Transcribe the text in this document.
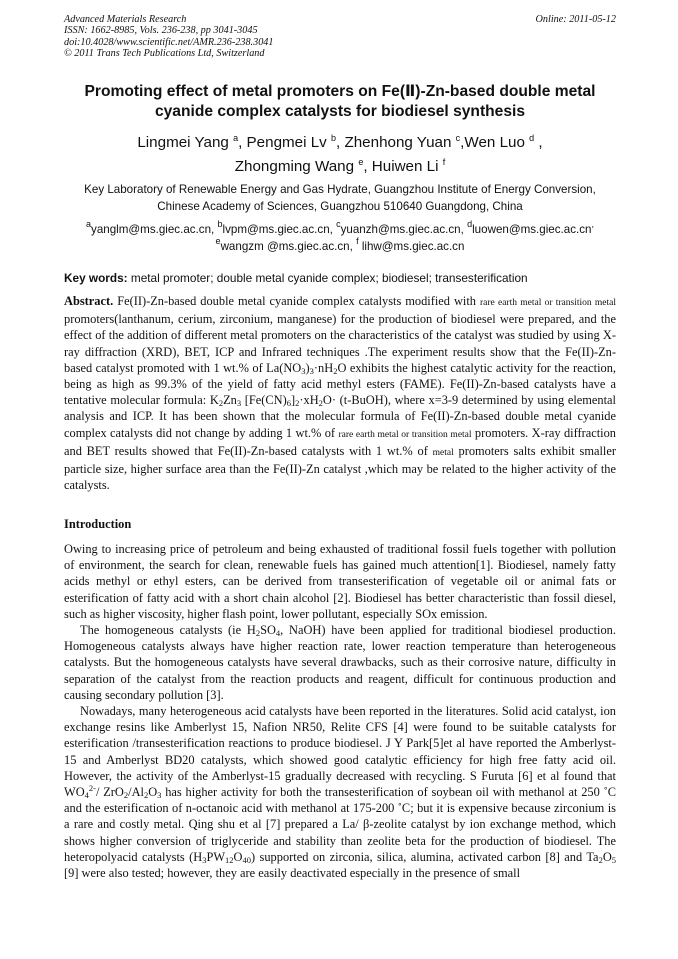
Advanced Materials Research
ISSN: 1662-8985, Vols. 236-238, pp 3041-3045
doi:10.4028/www.scientific.net/AMR.236-238.3041
© 2011 Trans Tech Publications Ltd, Switzerland
Online: 2011-05-12
Promoting effect of metal promoters on Fe(Ⅱ)-Zn-based double metal
cyanide complex catalysts for biodiesel synthesis
Lingmei Yang $^a$, Pengmei Lv $^b$, Zhenhong Yuan $^c$,Wen Luo $^d$ ,
Zhongming Wang $^e$, Huiwen Li $^f$
Key Laboratory of Renewable Energy and Gas Hydrate, Guangzhou Institute of Energy Conversion,
Chinese Academy of Sciences, Guangzhou 510640 Guangdong, China
$^a$yanglm@ms.giec.ac.cn, $^b$lvpm@ms.giec.ac.cn, $^c$yuanzh@ms.giec.ac.cn, $^d$luowen@ms.giec.ac.cn,
$^e$wangzm @ms.giec.ac.cn, $^f$ lihw@ms.giec.ac.cn
Key words: metal promoter; double metal cyanide complex; biodiesel; transesterification
Abstract. Fe(II)-Zn-based double metal cyanide complex catalysts modified with rare earth metal or transition metal promoters(lanthanum, cerium, zirconium, manganese) for the production of biodiesel were prepared, and the effect of the addition of different metal promoters on the characteristics of the catalyst was studied by using X-ray diffraction (XRD), BET, ICP and Infrared techniques .The experiment results show that the Fe(II)-Zn-based catalyst promoted with 1 wt.% of $La(NO_3)_3\cdot nH_2O$ exhibits the highest catalytic activity for the reaction, being as high as 99.3% of the yield of fatty acid methyl esters (FAME). Fe(II)-Zn-based catalysts have a tentative molecular formula: $K_2Zn_3$ $[Fe(CN)_6]_2\cdot xH_2O\cdot$ (t-BuOH), where x=3-9 determined by using elemental analysis and ICP. It has been shown that the molecular formula of Fe(II)-Zn-based double metal cyanide complex catalysts did not change by adding 1 wt.% of rare earth metal or transition metal promoters. X-ray diffraction and BET results showed that Fe(II)-Zn-based catalysts with 1 wt.% of metal promoters salts exhibit smaller particle size, higher surface area than the Fe(II)-Zn catalyst ,which may be related to the higher activity of the catalysts.
Introduction

Owing to increasing price of petroleum and being exhausted of traditional fossil fuels together with pollution of environment, the search for clean, renewable fuels has gained much attention[1]. Biodiesel, namely fatty acids methyl or ethyl esters, can be derived from transesterification of vegetable oil or animal fats or esterification of fatty acid with a short chain alcohol [2]. Biodiesel has better characteristic than fossil diesel, such as higher viscosity, higher flash point, lower pollutant, especially SOx emission.

The homogeneous catalysts (ie $H_2SO_4$, NaOH) have been applied for traditional biodiesel production. Homogeneous catalysts always have higher reaction rate, lower reaction temperature than heterogeneous catalysts. But the homogeneous catalysts have several drawbacks, such as their corrosive nature, difficulty in separation of the catalyst from the reaction products and reagent, difficult for continuous production and causing secondary pollution [3].

Nowadays, many heterogeneous acid catalysts have been reported in the literatures. Solid acid catalyst, ion exchange resins like Amberlyst 15, Nafion NR50, Relite CFS [4] were found to be suitable catalysts for esterification /transesterification reactions to produce biodiesel. J Y Park[5]et al have reported the Amberlyst-15 and Amberlyst BD20 catalysts, which showed good catalytic efficiency for high free fatty acid oil. However, the activity of the Amberlyst-15 gradually decreased with recycling. S Furuta [6] et al found that $WO_4^{2-}/$ $ZrO_2/Al_2O_3$ has higher activity for both the transesterification of soybean oil with methanol at 250 ˚C and the esterification of n-octanoic acid with methanol at 175-200 ˚C; but it is expensive because zirconium is a rare and costly metal. Qing shu et al [7] prepared a La/ β-zeolite catalyst by ion exchange method, which shows higher conversion of triglyceride and stability than zeolite beta for the production of biodiesel. The heteropolyacid catalysts $(H_3PW_{12}O_{40})$ supported on zirconia, silica, alumina, activated carbon [8] and $Ta_2O_5$ [9] were also tested; however, they are easily deactivated especially in the presence of small
